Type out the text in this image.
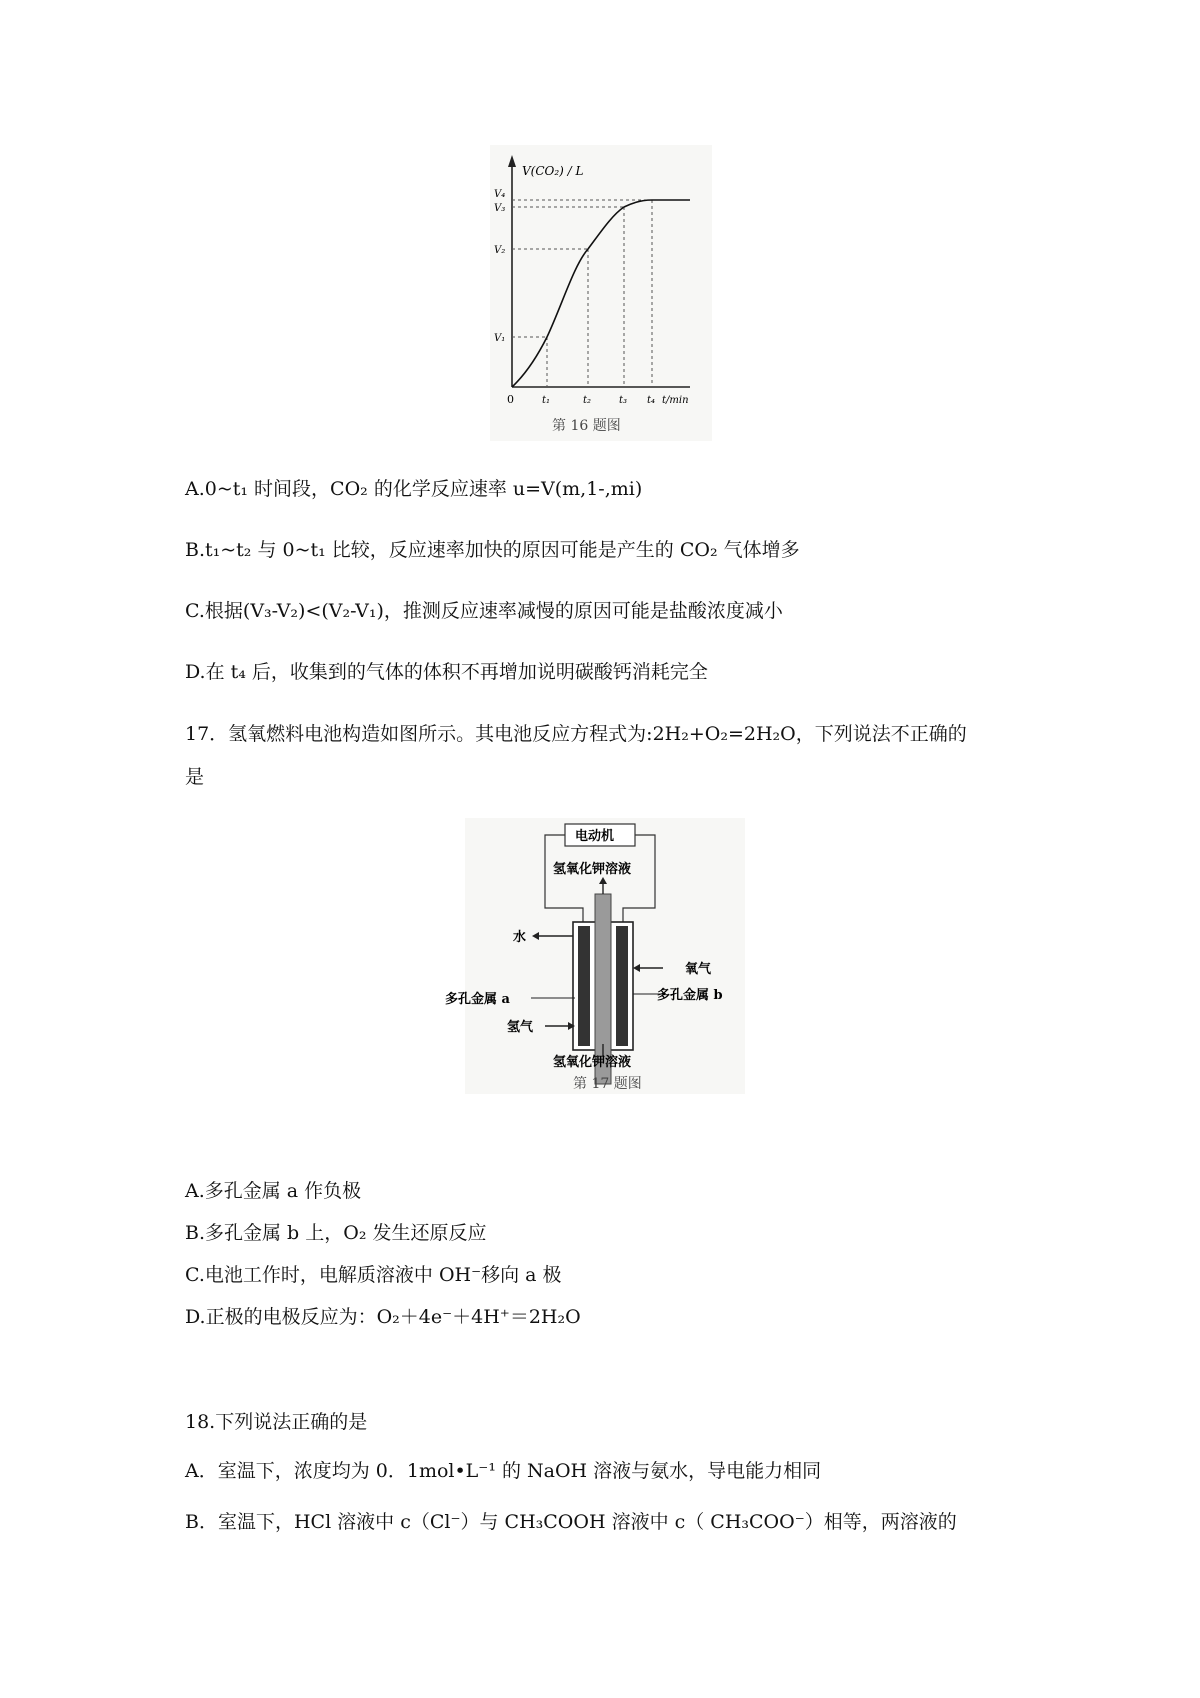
V(CO₂) / L
V₁
V₂
V₃
V₄
0	t₁	t₂	t₃ t₄ t/min
第 16 题图
A.0~t₁ 时间段，CO₂ 的化学反应速率 u=V(m,1-,mi)
B.t₁~t₂ 与 0~t₁ 比较，反应速率加快的原因可能是产生的 CO₂ 气体增多
C.根据(V₃-V₂)<(V₂-V₁)，推测反应速率减慢的原因可能是盐酸浓度减小
D.在 t₄ 后，收集到的气体的体积不再增加说明碳酸钙消耗完全
17．氢氧燃料电池构造如图所示。其电池反应方程式为:2H₂+O₂=2H₂O，下列说法不正确的
是
电动机
氢氧化钾溶液
水
多孔金属 a
氢气
氧气
多孔金属 b
氢氧化钾溶液
第 17 题图
A.多孔金属 a 作负极
B.多孔金属 b 上，O₂ 发生还原反应
C.电池工作时，电解质溶液中 OH⁻移向 a 极
D.正极的电极反应为：O₂＋4e⁻＋4H⁺＝2H₂O
18.下列说法正确的是
A．室温下，浓度均为 0．1mol•L⁻¹ 的 NaOH 溶液与氨水，导电能力相同
B．室温下，HCl 溶液中 c（Cl⁻）与 CH₃COOH 溶液中 c（ CH₃COO⁻）相等，两溶液的
